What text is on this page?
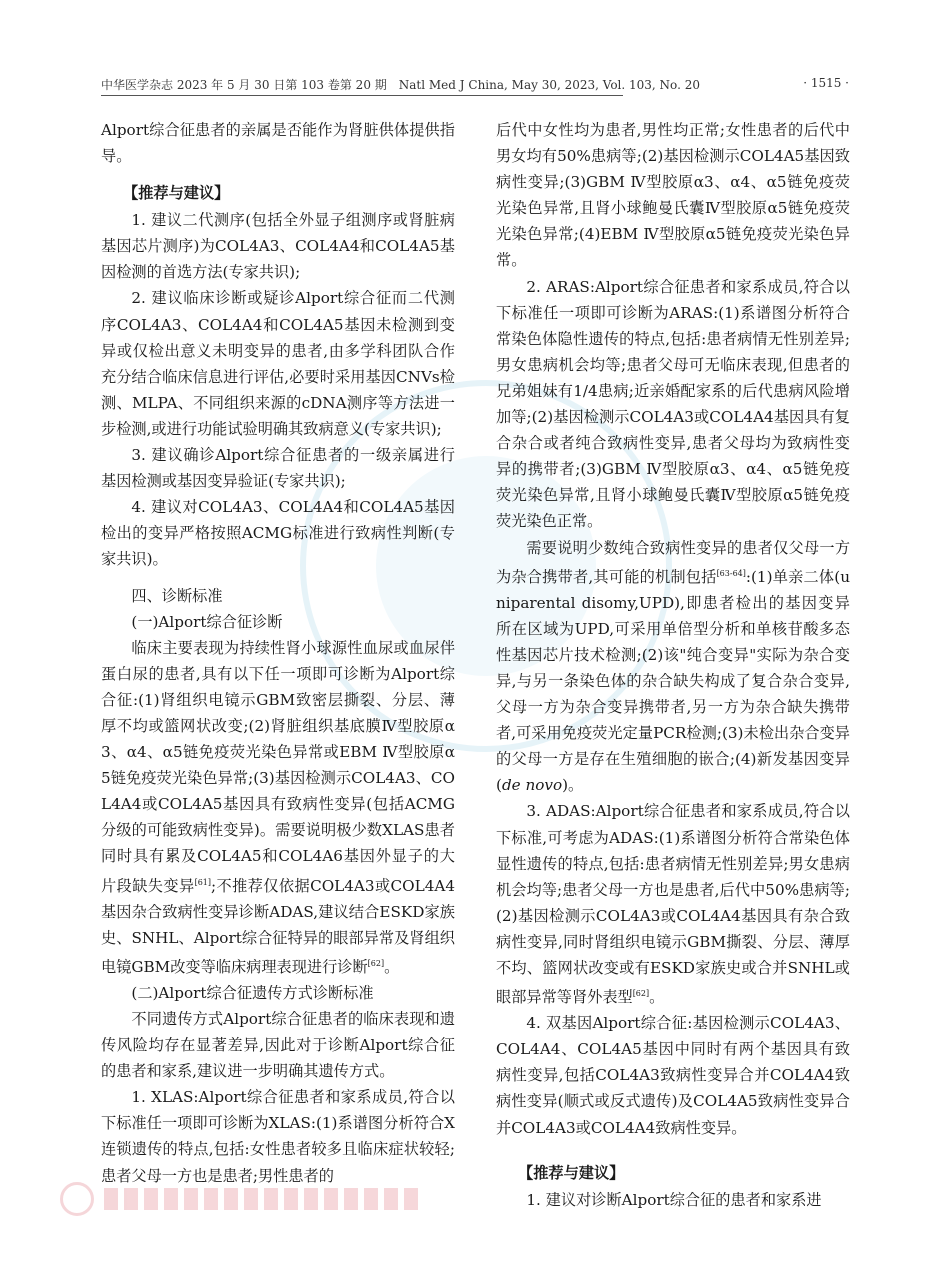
中华医学杂志 2023 年 5 月 30 日第 103 卷第 20 期　Natl Med J China, May 30, 2023, Vol. 103, No. 20	· 1515 ·

Alport综合征患者的亲属是否能作为肾脏供体提供指导。

【推荐与建议】

1. 建议二代测序(包括全外显子组测序或肾脏病基因芯片测序)为COL4A3、COL4A4和COL4A5基因检测的首选方法(专家共识);

2. 建议临床诊断或疑诊Alport综合征而二代测序COL4A3、COL4A4和COL4A5基因未检测到变异或仅检出意义未明变异的患者,由多学科团队合作充分结合临床信息进行评估,必要时采用基因CNVs检测、MLPA、不同组织来源的cDNA测序等方法进一步检测,或进行功能试验明确其致病意义(专家共识);

3. 建议确诊Alport综合征患者的一级亲属进行基因检测或基因变异验证(专家共识);

4. 建议对COL4A3、COL4A4和COL4A5基因检出的变异严格按照ACMG标准进行致病性判断(专家共识)。

四、诊断标准

(一)Alport综合征诊断

临床主要表现为持续性肾小球源性血尿或血尿伴蛋白尿的患者,具有以下任一项即可诊断为Alport综合征:(1)肾组织电镜示GBM致密层撕裂、分层、薄厚不均或篮网状改变;(2)肾脏组织基底膜Ⅳ型胶原α3、α4、α5链免疫荧光染色异常或EBM Ⅳ型胶原α5链免疫荧光染色异常;(3)基因检测示COL4A3、COL4A4或COL4A5基因具有致病性变异(包括ACMG分级的可能致病性变异)。需要说明极少数XLAS患者同时具有累及COL4A5和COL4A6基因外显子的大片段缺失变异[61];不推荐仅依据COL4A3或COL4A4基因杂合致病性变异诊断ADAS,建议结合ESKD家族史、SNHL、Alport综合征特异的眼部异常及肾组织电镜GBM改变等临床病理表现进行诊断[62]。

(二)Alport综合征遗传方式诊断标准

不同遗传方式Alport综合征患者的临床表现和遗传风险均存在显著差异,因此对于诊断Alport综合征的患者和家系,建议进一步明确其遗传方式。

1. XLAS:Alport综合征患者和家系成员,符合以下标准任一项即可诊断为XLAS:(1)系谱图分析符合X连锁遗传的特点,包括:女性患者较多且临床症状较轻;患者父母一方也是患者;男性患者的

后代中女性均为患者,男性均正常;女性患者的后代中男女均有50%患病等;(2)基因检测示COL4A5基因致病性变异;(3)GBM Ⅳ型胶原α3、α4、α5链免疫荧光染色异常,且肾小球鲍曼氏囊Ⅳ型胶原α5链免疫荧光染色异常;(4)EBM Ⅳ型胶原α5链免疫荧光染色异常。

2. ARAS:Alport综合征患者和家系成员,符合以下标准任一项即可诊断为ARAS:(1)系谱图分析符合常染色体隐性遗传的特点,包括:患者病情无性别差异;男女患病机会均等;患者父母可无临床表现,但患者的兄弟姐妹有1/4患病;近亲婚配家系的后代患病风险增加等;(2)基因检测示COL4A3或COL4A4基因具有复合杂合或者纯合致病性变异,患者父母均为致病性变异的携带者;(3)GBM Ⅳ型胶原α3、α4、α5链免疫荧光染色异常,且肾小球鲍曼氏囊Ⅳ型胶原α5链免疫荧光染色正常。

需要说明少数纯合致病性变异的患者仅父母一方为杂合携带者,其可能的机制包括[63-64]:(1)单亲二体(uniparental disomy,UPD),即患者检出的基因变异所在区域为UPD,可采用单倍型分析和单核苷酸多态性基因芯片技术检测;(2)该"纯合变异"实际为杂合变异,与另一条染色体的杂合缺失构成了复合杂合变异,父母一方为杂合变异携带者,另一方为杂合缺失携带者,可采用免疫荧光定量PCR检测;(3)未检出杂合变异的父母一方是存在生殖细胞的嵌合;(4)新发基因变异(de novo)。

3. ADAS:Alport综合征患者和家系成员,符合以下标准,可考虑为ADAS:(1)系谱图分析符合常染色体显性遗传的特点,包括:患者病情无性别差异;男女患病机会均等;患者父母一方也是患者,后代中50%患病等;(2)基因检测示COL4A3或COL4A4基因具有杂合致病性变异,同时肾组织电镜示GBM撕裂、分层、薄厚不均、篮网状改变或有ESKD家族史或合并SNHL或眼部异常等肾外表型[62]。

4. 双基因Alport综合征:基因检测示COL4A3、COL4A4、COL4A5基因中同时有两个基因具有致病性变异,包括COL4A3致病性变异合并COL4A4致病性变异(顺式或反式遗传)及COL4A5致病性变异合并COL4A3或COL4A4致病性变异。

【推荐与建议】

1. 建议对诊断Alport综合征的患者和家系进
